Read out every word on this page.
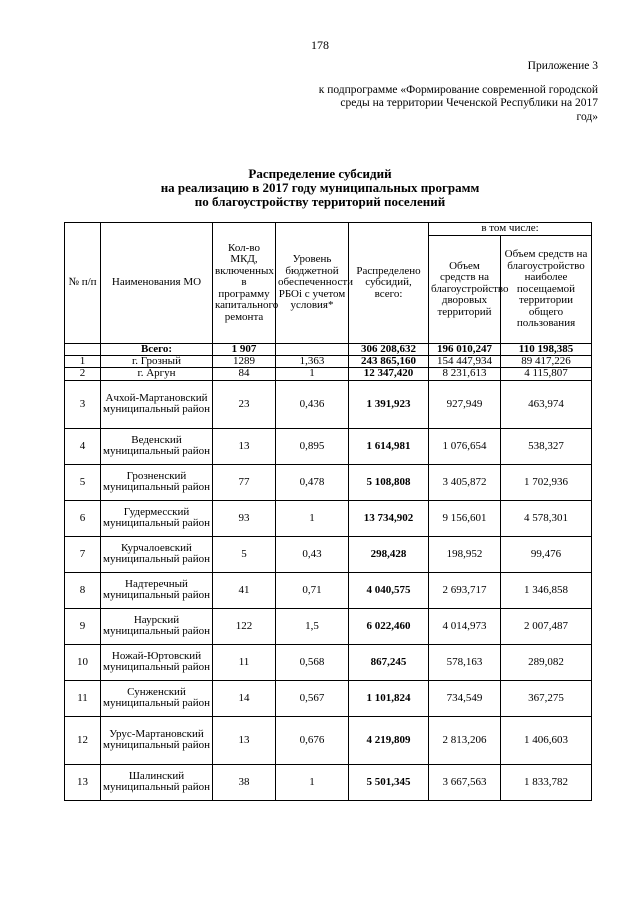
178
Приложение 3
к подпрограмме «Формирование современной городской среды на территории Чеченской Республики на 2017 год»
Распределение субсидий
на реализацию в 2017 году муниципальных программ
по благоустройству территорий поселений
№ п/п	Наименования МО	Кол-во МКД, включенных в программу капитального ремонта	Уровень бюджетной обеспеченности РБОi с учетом условия*	Распределено субсидий, всего:	в том числе:	
					Объем средств на благоустройство дворовых территорий	Объем средств на благоустройство наиболее посещаемой территории общего пользования
	Всего:	1 907		306 208,632	196 010,247	110 198,385
1	г. Грозный	1289	1,363	243 865,160	154 447,934	89 417,226
2	г. Аргун	84	1	12 347,420	8 231,613	4 115,807
3	Ачхой-Мартановский муниципальный район	23	0,436	1 391,923	927,949	463,974
4	Веденский муниципальный район	13	0,895	1 614,981	1 076,654	538,327
5	Грозненский муниципальный район	77	0,478	5 108,808	3 405,872	1 702,936
6	Гудермесский муниципальный район	93	1	13 734,902	9 156,601	4 578,301
7	Курчалоевский муниципальный район	5	0,43	298,428	198,952	99,476
8	Надтеречный муниципальный район	41	0,71	4 040,575	2 693,717	1 346,858
9	Наурский муниципальный район	122	1,5	6 022,460	4 014,973	2 007,487
10	Ножай-Юртовский муниципальный район	11	0,568	867,245	578,163	289,082
11	Сунженский муниципальный район	14	0,567	1 101,824	734,549	367,275
12	Урус-Мартановский муниципальный район	13	0,676	4 219,809	2 813,206	1 406,603
13	Шалинский муниципальный район	38	1	5 501,345	3 667,563	1 833,782
